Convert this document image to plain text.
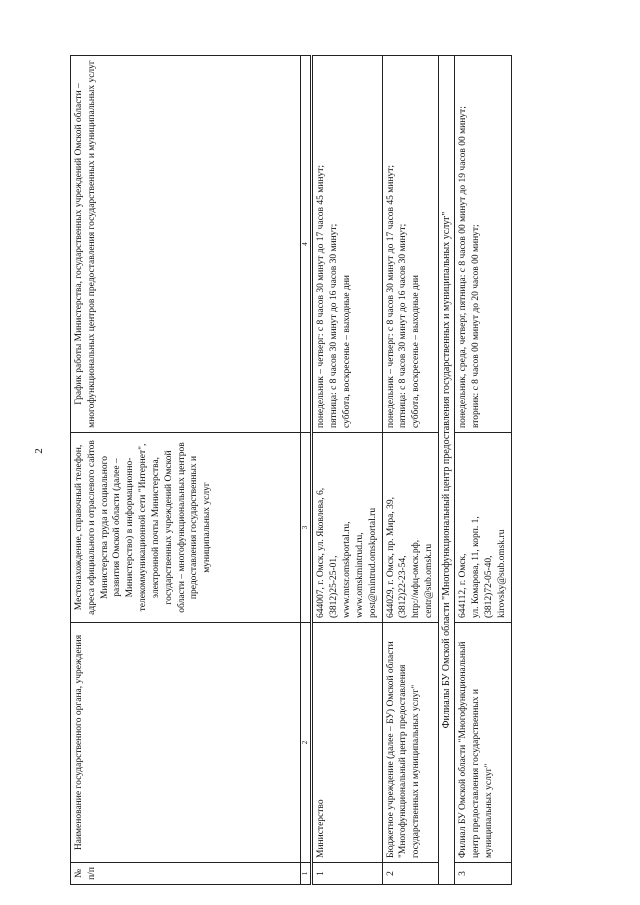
2
№ п/п	Наименование государственного органа, учреждения	Местонахождение, справочный телефон, адреса официального и отраслевого сайтов Министерства труда и социального развития Омской области (далее – Министерство) в информационно-телекоммуникационной сети "Интернет", электронной почты Министерства, государственных учреждений Омской области – многофункциональных центров предоставления государственных и муниципальных услуг	График работы Министерства, государственных учреждений Омской области – многофункциональных центров предоставления государственных и муниципальных услуг
1	2	3	4
1	Министерство	644007, г. Омск, ул. Яковлева, 6, (3812)25-25-01, www.mtsr.omskportal.ru, www.omskmintrud.ru, post@mintrud.omskportal.ru	понедельник – четверг: с 8 часов 30 минут до 17 часов 45 минут; пятница: с 8 часов 30 минут до 16 часов 30 минут; суббота, воскресенье – выходные дни

2	Бюджетное учреждение (далее – БУ) Омской области "Многофункциональный центр предоставления государственных и муниципальных услуг"	644029, г. Омск, пр. Мира, 39, (3812)22-23-54, http://мфц-омск.рф, centr@sub.omsk.ru	понедельник – четверг: с 8 часов 30 минут до 17 часов 45 минут; пятница: с 8 часов 30 минут до 16 часов 30 минут; суббота, воскресенье – выходные дни

Филиалы БУ Омской области "Многофункциональный центр предоставления государственных и муниципальных услуг"			
3	Филиал БУ Омской области "Многофункциональный центр предоставления государственных и муниципальных услуг"	644112, г. Омск, ул. Комарова, 11, корп. 1, (3812)72-05-40, kirovsky@sub.omsk.ru	понедельник, среда, четверг, пятница: с 8 часов 00 минут до 19 часов 00 минут; вторник: с 8 часов 00 минут до 20 часов 00 минут;
